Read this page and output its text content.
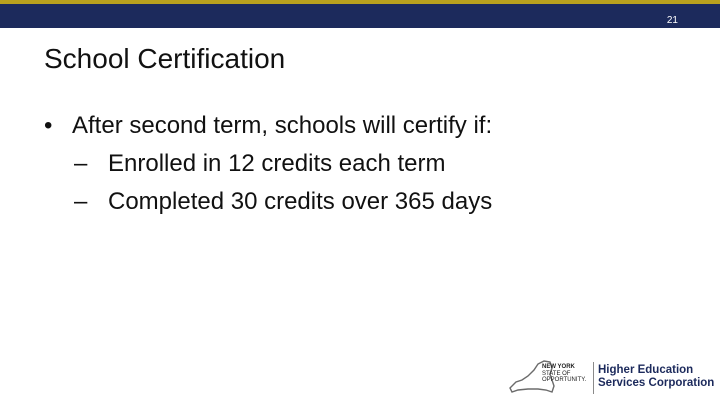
21
School Certification
• After second term, schools will certify if:
– Enrolled in 12 credits each term
– Completed 30 credits over 365 days
NEW YORK
STATE OF
OPPORTUNITY.
Higher Education
Services Corporation
